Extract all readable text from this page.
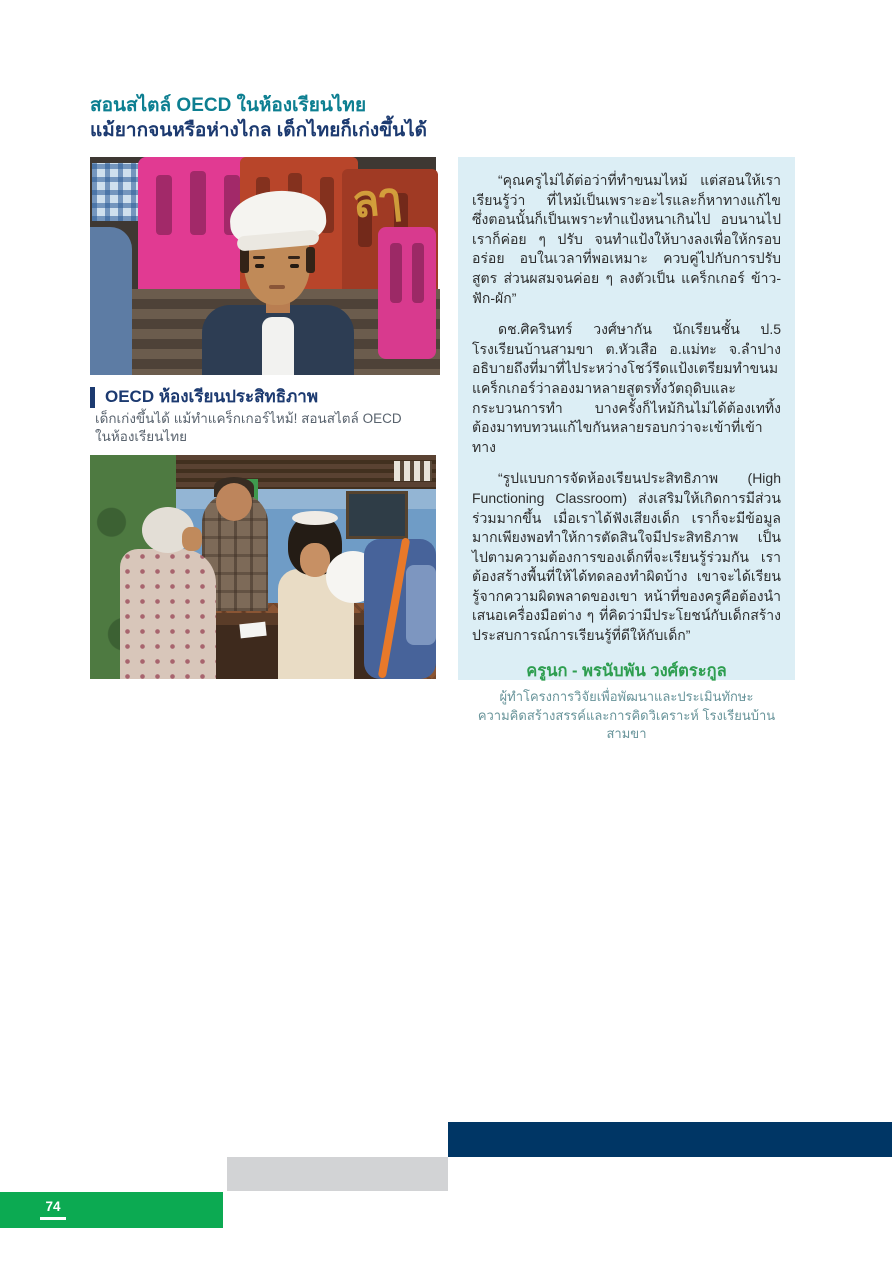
สอนสไตล์ OECD ในห้องเรียนไทย
แม้ยากจนหรือห่างไกล เด็กไทยก็เก่งขึ้นได้
ลๅ
OECD ห้องเรียนประสิทธิภาพ
เด็กเก่งขึ้นได้ แม้ทำแคร็กเกอร์ไหม้! สอนสไตล์ OECD
ในห้องเรียนไทย

“คุณครูไม่ได้ต่อว่าที่ทำขนมไหม้ แต่สอนให้เราเรียนรู้ว่า ที่ไหม้เป็นเพราะอะไรและก็หาทางแก้ไข ซึ่งตอนนั้นก็เป็นเพราะทำแป้งหนาเกินไป อบนานไป เราก็ค่อย ๆ ปรับ จนทำแป้งให้บางลงเพื่อให้กรอบอร่อย อบในเวลาที่พอเหมาะ ควบคู่ไปกับการปรับสูตร ส่วนผสมจนค่อย ๆ ลงตัวเป็น แคร็กเกอร์ ข้าว-ฟัก-ผัก”

ดช.ศิครินทร์ วงศ์ษากัน นักเรียนชั้น ป.5 โรงเรียนบ้านสามขา ต.หัวเสือ อ.แม่ทะ จ.ลำปาง อธิบายถึงที่มาที่ไประหว่างโชว์รีดแป้งเตรียมทำขนมแคร็กเกอร์ว่าลองมาหลายสูตรทั้งวัตถุดิบและกระบวนการทำ บางครั้งก็ไหม้กินไม่ได้ต้องเททิ้ง ต้องมาทบทวนแก้ไขกันหลายรอบกว่าจะเข้าที่เข้าทาง

“รูปแบบการจัดห้องเรียนประสิทธิภาพ (High Functioning Classroom) ส่งเสริมให้เกิดการมีส่วนร่วมมากขึ้น เมื่อเราได้ฟังเสียงเด็ก เราก็จะมีข้อมูลมากเพียงพอทำให้การตัดสินใจมีประสิทธิภาพ เป็นไปตามความต้องการของเด็กที่จะเรียนรู้ร่วมกัน เราต้องสร้างพื้นที่ให้ได้ทดลองทำผิดบ้าง เขาจะได้เรียนรู้จากความผิดพลาดของเขา หน้าที่ของครูคือต้องนำเสนอเครื่องมือต่าง ๆ ที่คิดว่ามีประโยชน์กับเด็กสร้างประสบการณ์การเรียนรู้ที่ดีให้กับเด็ก”

ครูนก - พรนับพัน วงศ์ตระกูล
ผู้ทำโครงการวิจัยเพื่อพัฒนาและประเมินทักษะ
ความคิดสร้างสรรค์และการคิดวิเคราะห์ โรงเรียนบ้านสามขา
74
